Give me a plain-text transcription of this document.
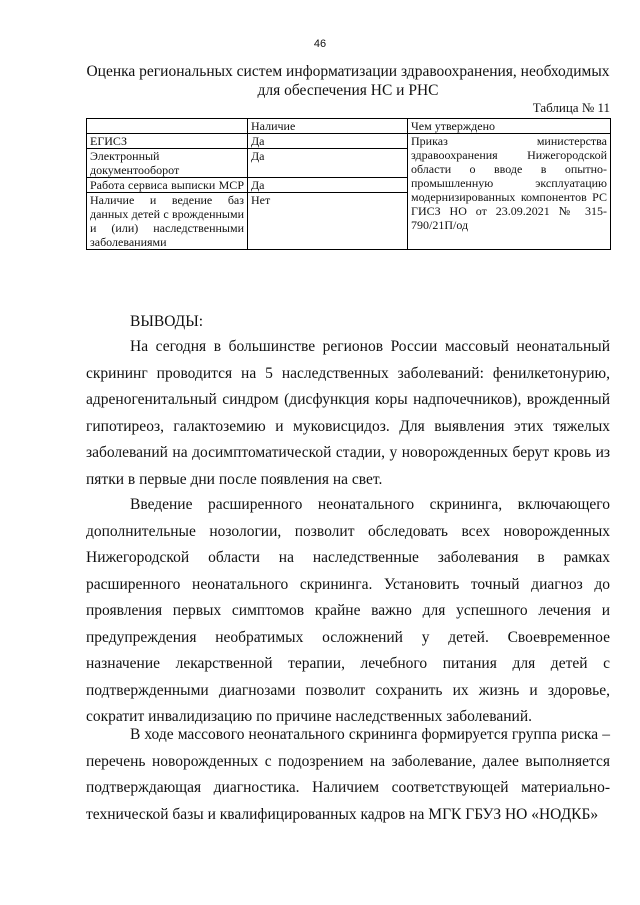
46
Оценка региональных систем информатизации здравоохранения, необходимых для обеспечения НС и РНС
Таблица № 11
	Наличие	Чем утверждено
ЕГИСЗ	Да	Приказ министерства здравоохранения Нижегородской области о вводе в опытно-промышленную эксплуатацию модернизированных компонентов РС ГИСЗ НО от 23.09.2021 № 315-790/21П/од
Электронный документооборот	Да	
Работа сервиса выписки МСР	Да	
Наличие и ведение баз данных детей с врожденными и (или) наследственными заболеваниями	Нет	
ВЫВОДЫ:

На сегодня в большинстве регионов России массовый неонатальный скрининг проводится на 5 наследственных заболеваний: фенилкетонурию, адреногенитальный синдром (дисфункция коры надпочечников), врожденный гипотиреоз, галактоземию и муковисцидоз. Для выявления этих тяжелых заболеваний на досимптоматической стадии, у новорожденных берут кровь из пятки в первые дни после появления на свет.

Введение расширенного неонатального скрининга, включающего дополнительные нозологии, позволит обследовать всех новорожденных Нижегородской области на наследственные заболевания в рамках расширенного неонатального скрининга. Установить точный диагноз до проявления первых симптомов крайне важно для успешного лечения и предупреждения необратимых осложнений у детей. Своевременное назначение лекарственной терапии, лечебного питания для детей с подтвержденными диагнозами позволит сохранить их жизнь и здоровье, сократит инвалидизацию по причине наследственных заболеваний.

В ходе массового неонатального скрининга формируется группа риска – перечень новорожденных с подозрением на заболевание, далее выполняется подтверждающая диагностика. Наличием соответствующей материально-технической базы и квалифицированных кадров на МГК ГБУЗ НО «НОДКБ»
